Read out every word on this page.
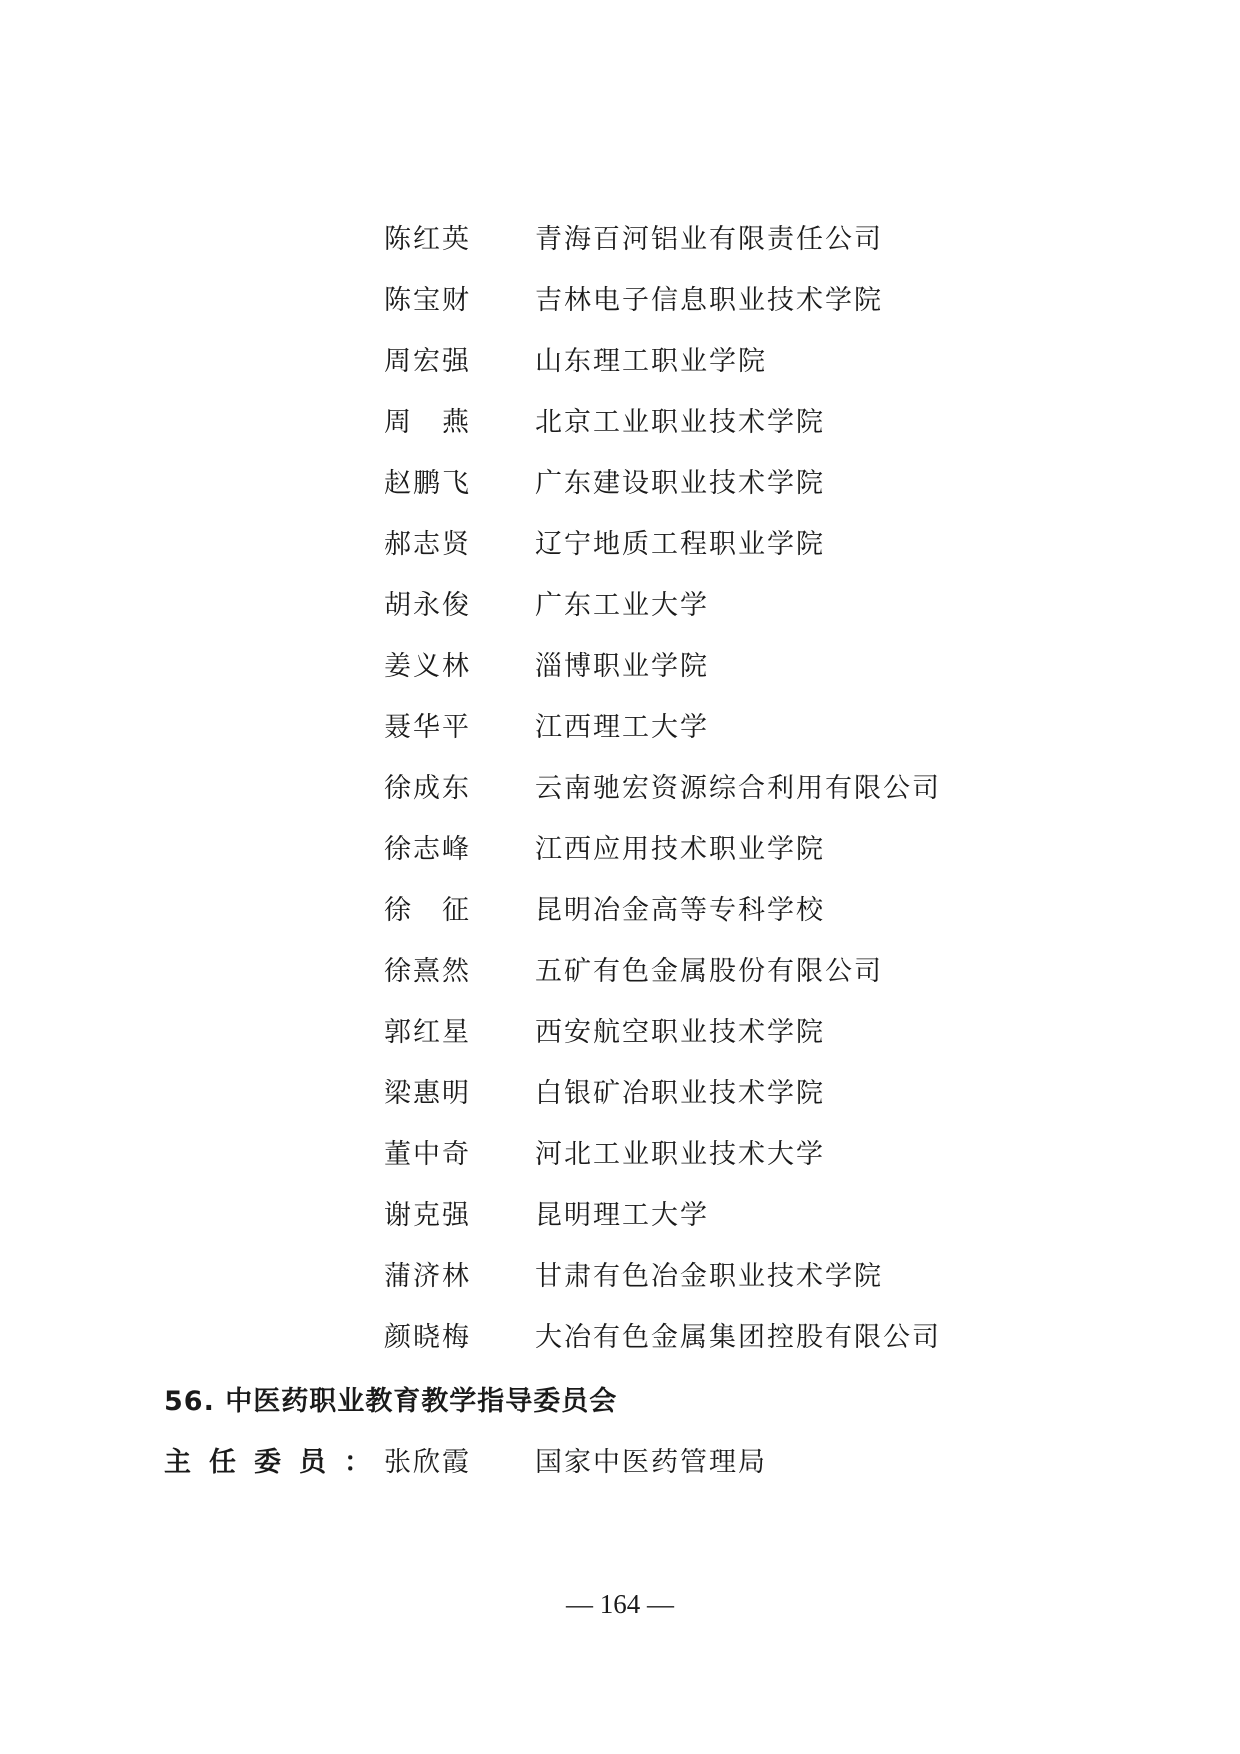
陈红英 青海百河铝业有限责任公司
陈宝财 吉林电子信息职业技术学院
周宏强 山东理工职业学院
周　燕 北京工业职业技术学院
赵鹏飞 广东建设职业技术学院
郝志贤 辽宁地质工程职业学院
胡永俊 广东工业大学
姜义林 淄博职业学院
聂华平 江西理工大学
徐成东 云南驰宏资源综合利用有限公司
徐志峰 江西应用技术职业学院
徐　征 昆明冶金高等专科学校
徐熹然 五矿有色金属股份有限公司
郭红星 西安航空职业技术学院
梁惠明 白银矿冶职业技术学院
董中奇 河北工业职业技术大学
谢克强 昆明理工大学
蒲济林 甘肃有色冶金职业技术学院
颜晓梅 大冶有色金属集团控股有限公司
56. 中医药职业教育教学指导委员会
主任委员：
张欣霞 国家中医药管理局
— 164 —
